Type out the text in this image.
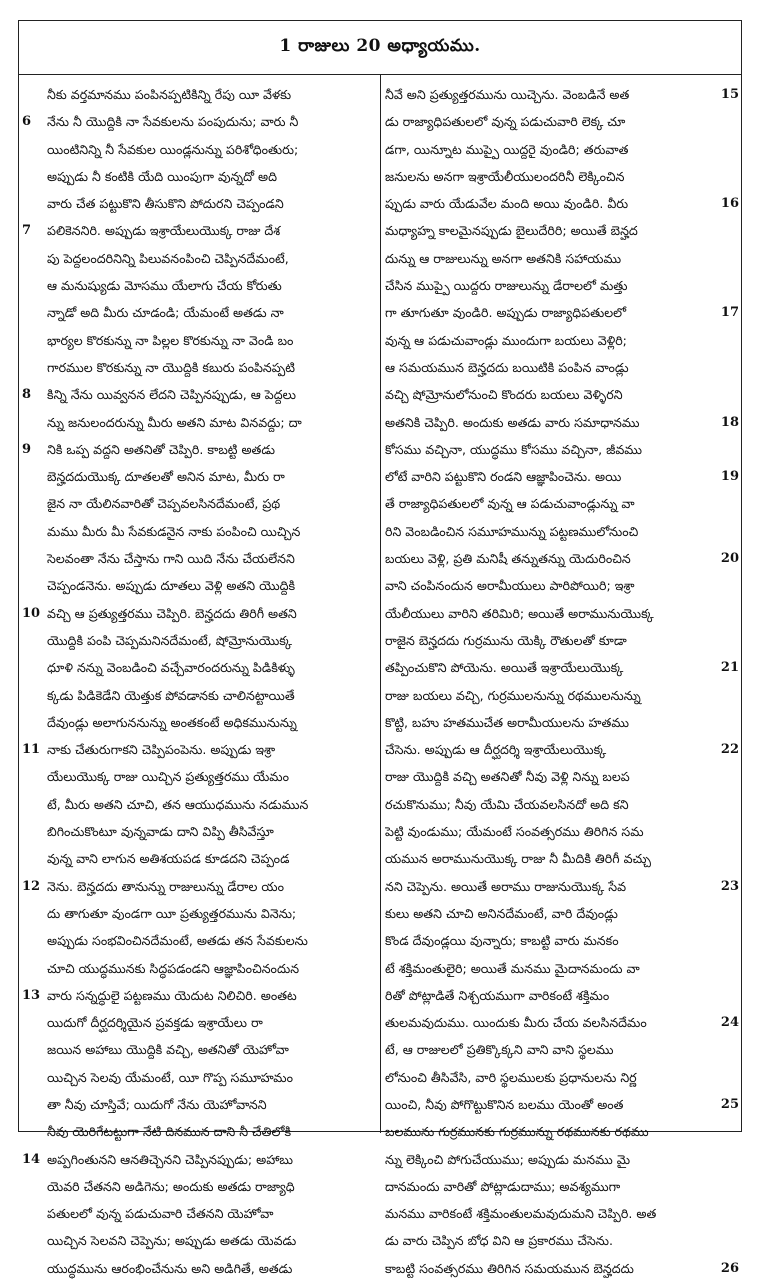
1 రాజులు 20 అధ్యాయము.
నీకు వర్తమానము పంపినప్పటికిన్ని రేపు యీ వేళకు
నేను నీ యొద్దికి నా సేవకులను పంపుదును; వారు నీ
6
యింటినిన్ని నీ సేవకుల యిండ్లనున్ను పరిశోధింతురు;
అప్పుడు నీ కంటికి యేది యింపుగా వున్నదో అది
వారు చేత పట్టుకొని తీసుకొని పోదురని చెప్పండని
పలికెననిరి. అప్పుడు ఇశ్రాయేలుయొక్క రాజు దేశ
7
పు పెద్దలందరినిన్ని పిలువనంపించి చెప్పినదేమంటే,
ఆ మనుష్యుడు మోసము యేలాగు చేయ కోరుతు
న్నాడో అది మీరు చూడండి; యేమంటే అతడు నా
భార్యల కొరకున్ను నా పిల్లల కొరకున్ను నా వెండి బం
గారముల కొరకున్ను నా యొద్దికి కబురు పంపినప్పటి
కిన్ని నేను యివ్వనన లేదని చెప్పినప్పుడు, ఆ పెద్దలు
8
న్ను జనులందరున్ను మీరు అతని మాట వినవద్దు; దా
నికి ఒప్ప వద్దని అతనితో చెప్పిరి. కాబట్టి అతడు
9
బెన్హదదుయొక్క దూతలతో అనిన మాట, మీరు రా
జైన నా యేలినవారితో చెప్పవలసినదేమంటే, ప్రథ
మము మీరు మీ సేవకుడనైన నాకు పంపించి యిచ్చిన
సెలవంతా నేను చేస్తాను గాని యిది నేను చేయలేనని
చెప్పండనెను. అప్పుడు దూతలు వెళ్లి అతని యొద్దికి
వచ్చి ఆ ప్రత్యుత్తరము చెప్పిరి. బెన్హదదు తిరిగీ అతని
10
యొద్దికి పంపి చెప్పమనినదేమంటే, షోమ్రోనుయొక్క
ధూళి నన్ను వెంబడించి వచ్చేవారందరున్ను పిడికిళ్ళు
క్కడు పిడికెడేని యెత్తుక పోవడానకు చాలినట్టాయితే
దేవుండ్లు అలాగుననున్ను అంతకంటే అధికమునున్ను
నాకు చేతురుగాకని చెప్పిపంపెను. అప్పుడు ఇశ్రా
11
యేలుయొక్క రాజు యిచ్చిన ప్రత్యుత్తరము యేమం
టే, మీరు అతని చూచి, తన ఆయుధమును నడుమున
బిగించుకొంటూ వున్నవాడు దాని విప్పి తీసివేస్తూ
వున్న వాని లాగున అతిశయపడ కూడదని చెప్పండ
నెను. బెన్హదదు తానున్ను రాజులున్ను డేరాల యం
12
దు తాగుతూ వుండగా యీ ప్రత్యుత్తరమును వినెను;
అప్పుడు సంభవించినదేమంటే, అతడు తన సేవకులను
చూచి యుద్ధమునకు సిద్ధపడండని ఆజ్ఞాపించినందున
వారు సన్నద్ధులై పట్టణము యెదుట నిలిచిరి. అంతట
13
యిదుగో దీర్ఘదర్శియైన ప్రవక్తడు ఇశ్రాయేలు రా
జయిన అహాబు యొద్దికి వచ్చి, అతనితో యెహోవా
యిచ్చిన సెలవు యేమంటే, యీ గొప్ప సమూహమం
తా నీవు చూస్తివే; యిదుగో నేను యెహోవానని
నీవు యెరిగేటట్టుగా నేటి దినమున దాని నీ చేతిలోకి
అప్పగింతునని ఆనతిచ్చెనని చెప్పినప్పుడు; అహాబు
14
యెవరి చేతనని అడిగెను; అందుకు అతడు రాజ్యాధి
పతులలో వున్న పడుచువారి చేతనని యెహోవా
యిచ్చిన సెలవని చెప్పెను; అప్పుడు అతడు యెవడు
యుద్ధమును ఆరంభించేనును అని అడిగితే, అతడు
నీవే అని ప్రత్యుత్తరమును యిచ్చెను. వెంబడినే అత	15
డు రాజ్యాధిపతులలో వున్న పడుచువారి లెక్క చూ
డగా, యిన్నూట ముప్పై యిద్దరై వుండిరి; తరువాత
జనులను అనగా ఇశ్రాయేలీయులందరినీ లెక్కించిన
ప్పుడు వారు యేడువేల మంది అయి వుండిరి. వీరు	16
మధ్యాహ్న కాలమైనప్పుడు బైలుదేరిరి; అయితే బెన్హద
దున్ను ఆ రాజులున్ను అనగా అతనికి సహాయము
చేసిన ముప్పై యిద్దరు రాజులున్ను డేరాలలో మత్తు
గా తూగుతూ వుండిరి. అప్పుడు రాజ్యాధిపతులలో	17
వున్న ఆ పడుచువాండ్లు ముందుగా బయలు వెళ్లిరి;
ఆ సమయమున బెన్హదదు బయిటికి పంపిన వాండ్లు
వచ్చి షోమ్రోనులోనుంచి కొందరు బయలు వెళ్ళిరని
అతనికి చెప్పిరి. అందుకు అతడు వారు సమాధానము	18
కోసము వచ్చినా, యుద్ధము కోసము వచ్చినా, జీవము
లోటే వారిని పట్టుకొని రండని ఆజ్ఞాపించెను. అయి	19
తే రాజ్యాధిపతులలో వున్న ఆ పడుచువాండ్లున్ను వా
రిని వెంబడించిన సమూహమున్ను పట్టణములోనుంచి
బయలు వెళ్లి, ప్రతి మనిషీ తన్నుతన్ను యెదురించిన	20
వాని చంపినందున అరామీయులు పారిపోయిరి; ఇశ్రా
యేలీయులు వారిని తరిమిరి; అయితే అరామునుయొక్క
రాజైన బెన్హదదు గుర్రమును యెక్కి రౌతులతో కూడా
తప్పించుకొని పోయెను. అయితే ఇశ్రాయేలుయొక్క	21
రాజు బయలు వచ్చి, గుర్రములనున్ను రథములనున్ను
కొట్టి, బహు హతముచేత అరామీయులను హతము
చేసెను. అప్పుడు ఆ దీర్ఘదర్శి ఇశ్రాయేలుయొక్క	22
రాజు యొద్దికి వచ్చి అతనితో నీవు వెళ్లి నిన్ను బలప
రచుకొనుము; నీవు యేమి చేయవలసినదో అది కని
పెట్టి వుండుము; యేమంటే సంవత్సరము తిరిగిన సమ
యమున అరామునుయొక్క రాజు నీ మీదికి తిరిగీ వచ్చు
నని చెప్పెను. అయితే అరాము రాజునుయొక్క సేవ	23
కులు అతని చూచి అనినదేమంటే, వారి దేవుండ్లు
కొండ దేవుండ్లయి వున్నారు; కాబట్టి వారు మనకం
టే శక్తిమంతులైరి; అయితే మనము మైదానమందు వా
రితో పోట్లాడితే నిశ్చయముగా వారికంటే శక్తిమం
తులమవుదుము. యిందుకు మీరు చేయ వలసినదేమం	24
టే, ఆ రాజులలో ప్రతిక్కొక్కని వాని వాని స్థలము
లోనుంచి తీసివేసి, వారి స్థలములకు ప్రధానులను నిర్ణ
యించి, నీవు పోగొట్టుకొనిన బలము యెంతో అంత	25
బలమును గుర్రమునకు గుర్రమున్ను రథమునకు రథము
న్ను లెక్కించి పోగుచేయుము; అప్పుడు మనము మై
దానమందు వారితో పోట్లాడుదాము; అవశ్యముగా
మనము వారికంటే శక్తిమంతులమవుదుమని చెప్పిరి. అత
డు వారు చెప్పిన బోధ విని ఆ ప్రకారము చేసెను.
కాబట్టి సంవత్సరము తిరిగిన సమయమున బెన్హదదు	26
